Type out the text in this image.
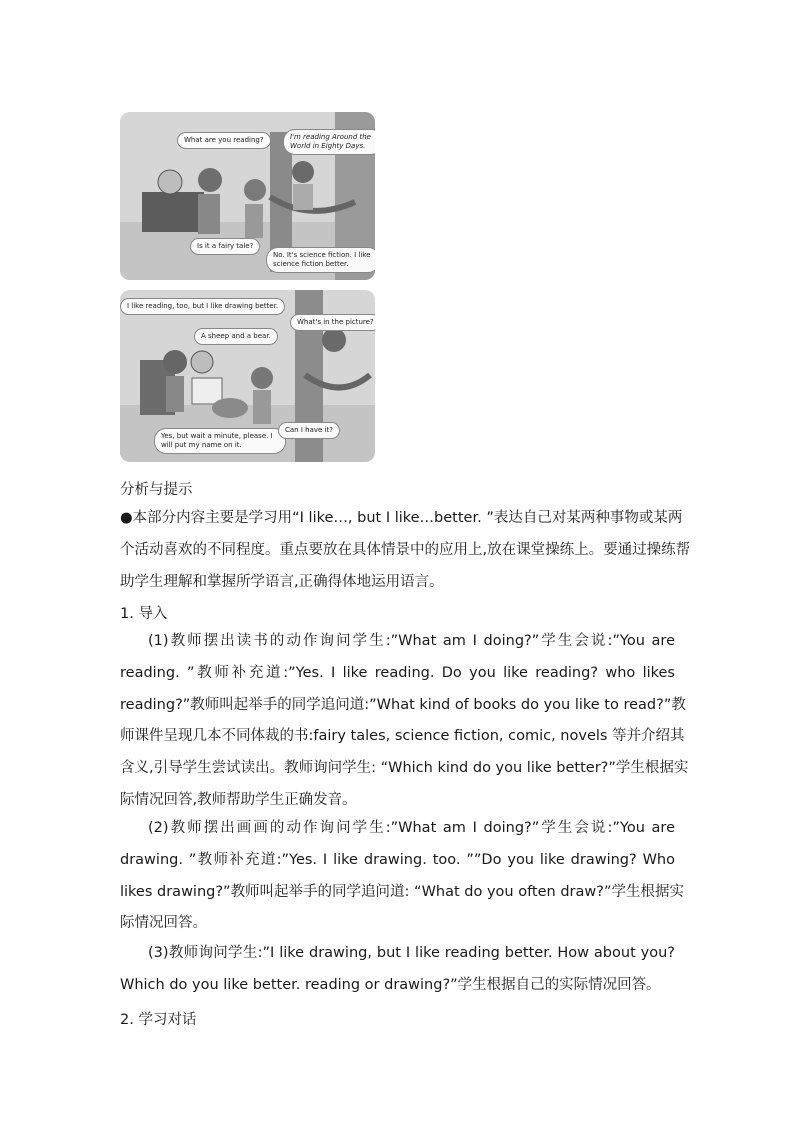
What are you reading?	I'm reading Around the World in Eighty Days.
Is it a fairy tale?
No. It's science fiction. I like science fiction better.
I like reading, too, but I like drawing better.
What's in the picture?
A sheep and a bear.
Yes, but wait a minute, please. I will put my name on it.
Can I have it?
分析与提示
●本部分内容主要是学习用“I like…, but I like…better. ”表达自己对某两种事物或某两
个活动喜欢的不同程度。重点要放在具体情景中的应用上,放在课堂操练上。要通过操练帮
助学生理解和掌握所学语言,正确得体地运用语言。
1. 导入
(1)教师摆出读书的动作询问学生:”What am I doing?”学生会说:”You are
reading. ”教师补充道:”Yes. I like reading. Do you like reading? who likes
reading?”教师叫起举手的同学追问道:”What kind of books do you like to read?”教
师课件呈现几本不同体裁的书:fairy tales, science fiction, comic, novels 等并介绍其
含义,引导学生尝试读出。教师询问学生: “Which kind do you like better?”学生根据实
际情况回答,教师帮助学生正确发音。
(2)教师摆出画画的动作询问学生:”What am I doing?”学生会说:”You are
drawing. ”教师补充道:”Yes. I like drawing. too. ””Do you like drawing? Who
likes drawing?”教师叫起举手的同学追问道: “What do you often draw?”学生根据实
际情况回答。
(3)教师询问学生:”I like drawing, but I like reading better. How about you?
Which do you like better. reading or drawing?”学生根据自己的实际情况回答。
2. 学习对话
